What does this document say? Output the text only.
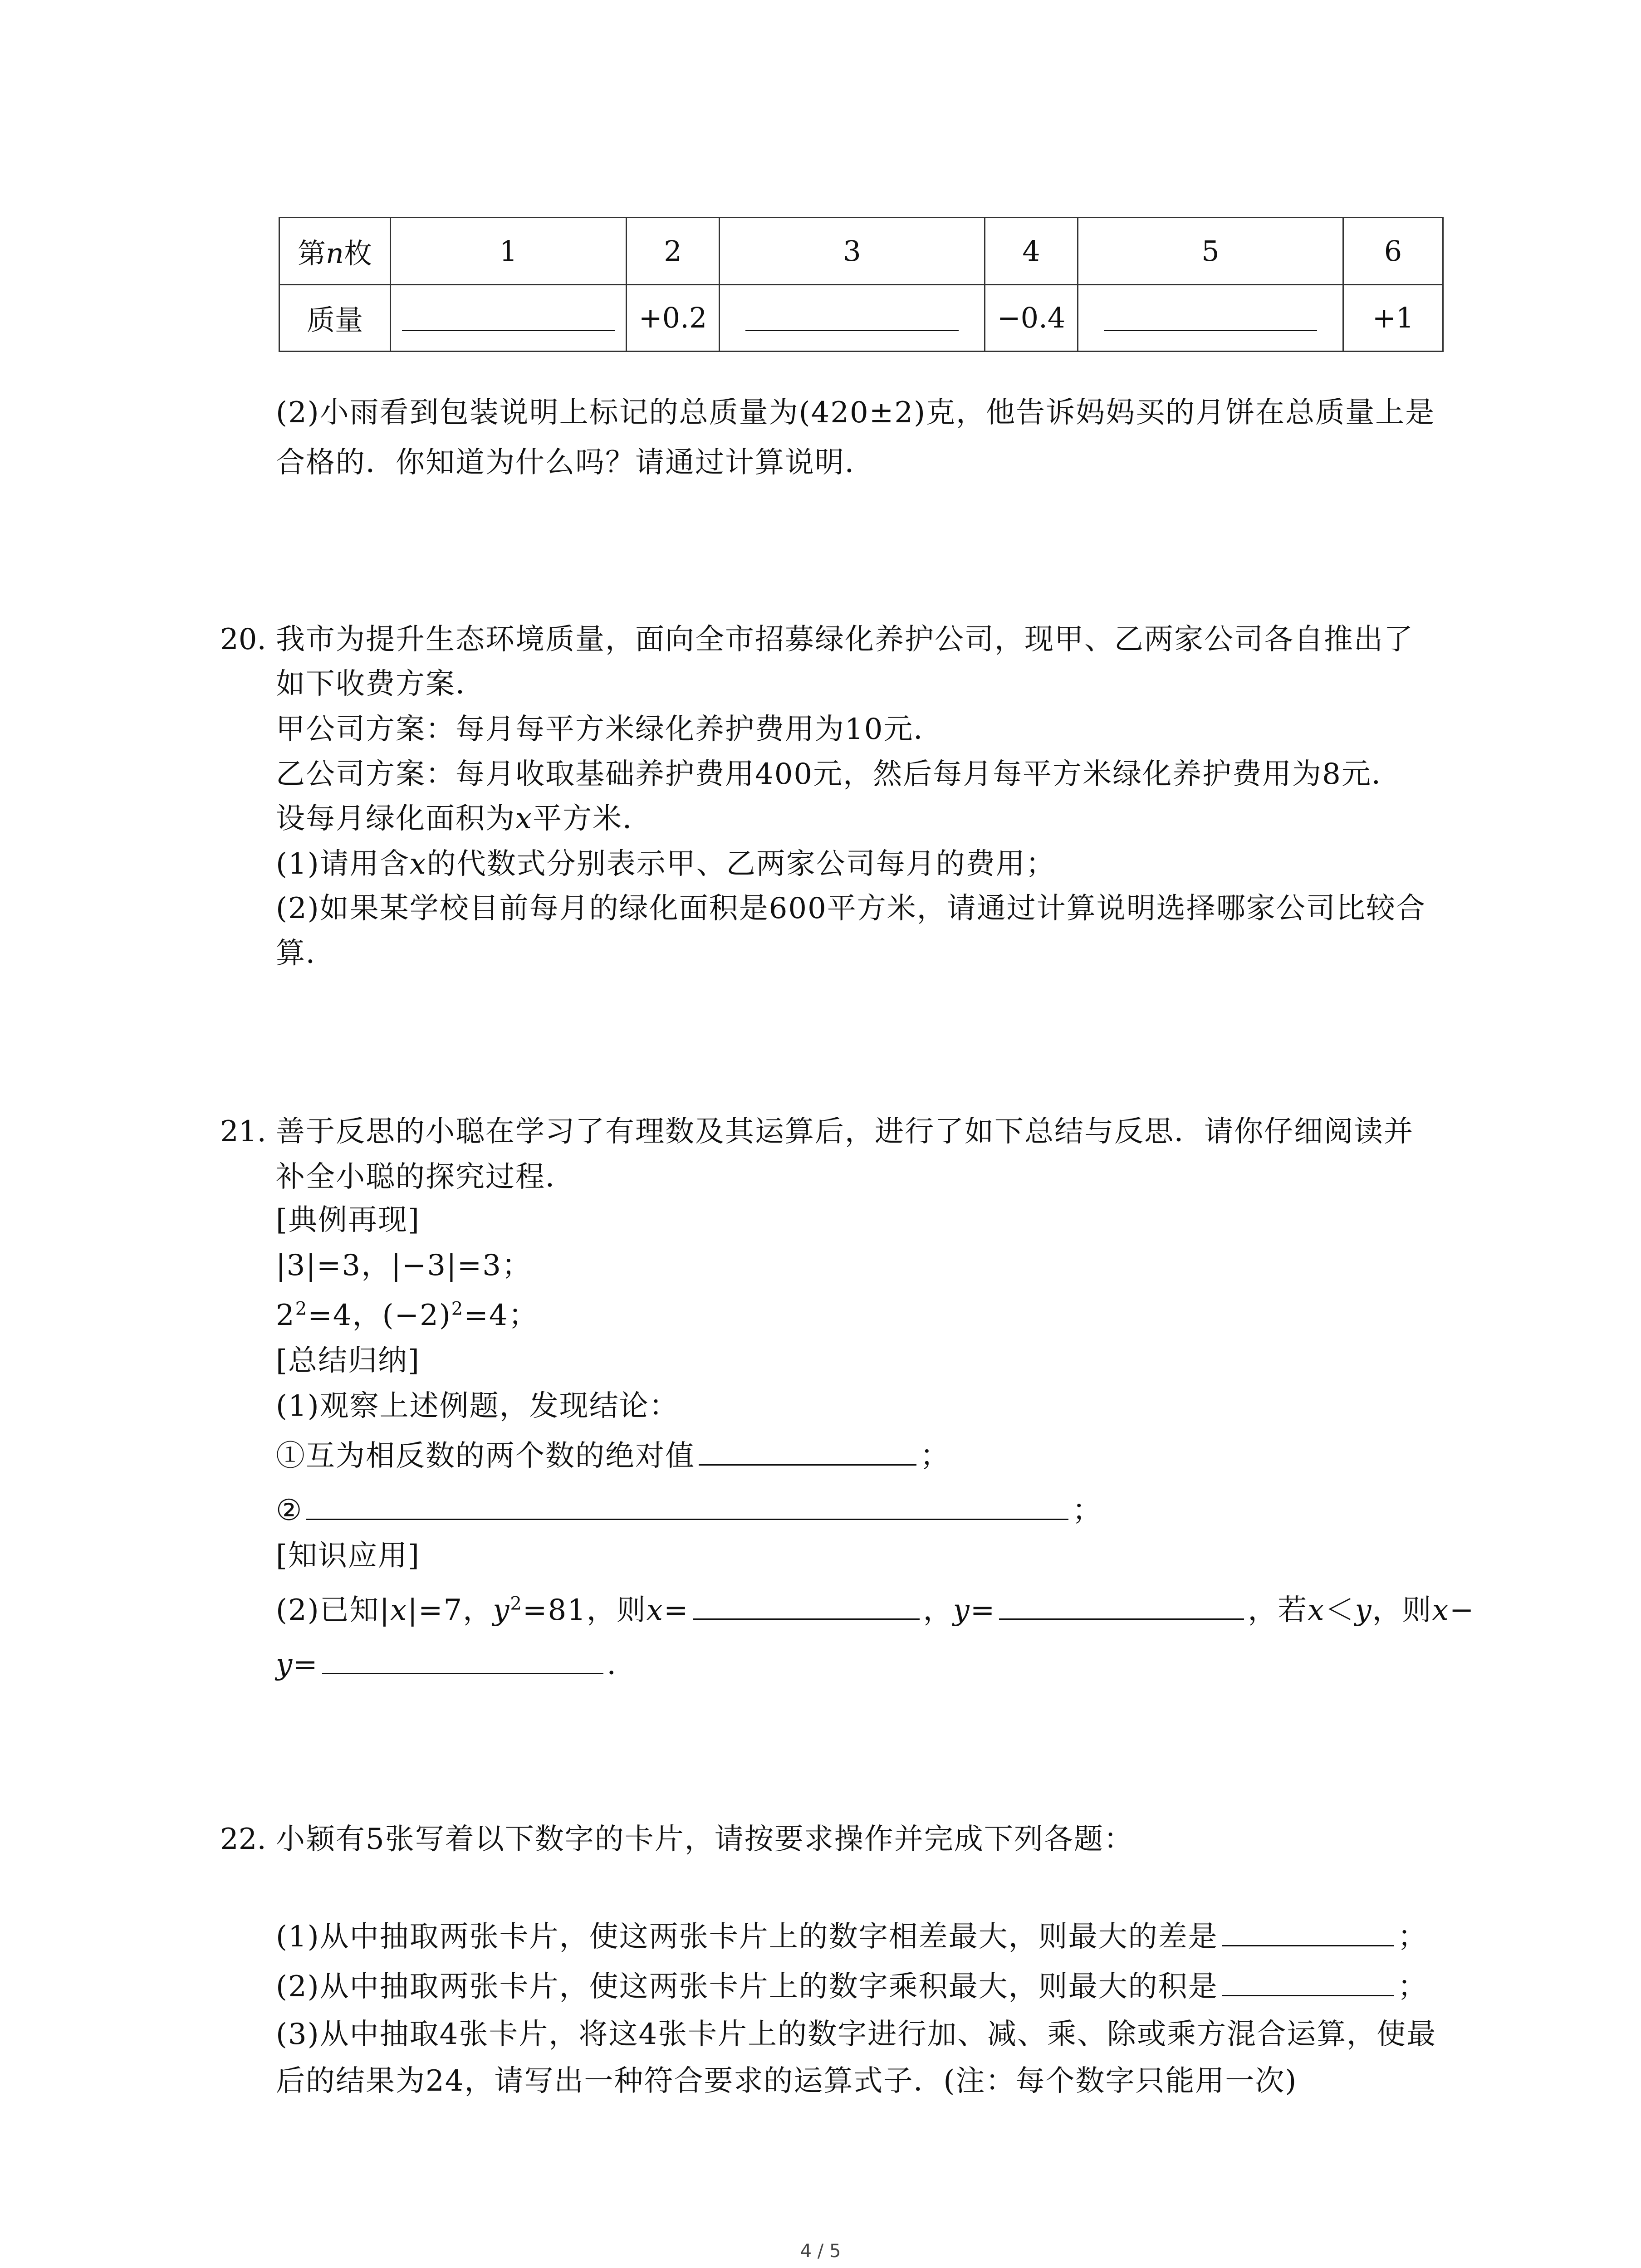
第n枚	1	2	3	4	5	6
质量		+0.2		−0.4		+1
(2)小雨看到包装说明上标记的总质量为(420±2)克，他告诉妈妈买的月饼在总质量上是
合格的．你知道为什么吗？请通过计算说明．
20. 我市为提升生态环境质量，面向全市招募绿化养护公司，现甲、乙两家公司各自推出了
如下收费方案．
甲公司方案：每月每平方米绿化养护费用为10元．
乙公司方案：每月收取基础养护费用400元，然后每月每平方米绿化养护费用为8元．
设每月绿化面积为x平方米．
(1)请用含x的代数式分别表示甲、乙两家公司每月的费用；
(2)如果某学校目前每月的绿化面积是600平方米，请通过计算说明选择哪家公司比较合
算．
21. 善于反思的小聪在学习了有理数及其运算后，进行了如下总结与反思．请你仔细阅读并
补全小聪的探究过程．
[典例再现]
|3|=3，|−3|=3；
$2^2=4$，$(-2)^2=4$；
[总结归纳]
(1)观察上述例题，发现结论：
①互为相反数的两个数的绝对值	；
②	；
[知识应用]
(2)已知|x|=7，$y^2=81$，则x=	，y=	，若x＜y，则x−
y=	．
22. 小颖有5张写着以下数字的卡片，请按要求操作并完成下列各题：
(1)从中抽取两张卡片，使这两张卡片上的数字相差最大，则最大的差是	；
(2)从中抽取两张卡片，使这两张卡片上的数字乘积最大，则最大的积是	；
(3)从中抽取4张卡片，将这4张卡片上的数字进行加、减、乘、除或乘方混合运算，使最
后的结果为24，请写出一种符合要求的运算式子．(注：每个数字只能用一次)
4 / 5
